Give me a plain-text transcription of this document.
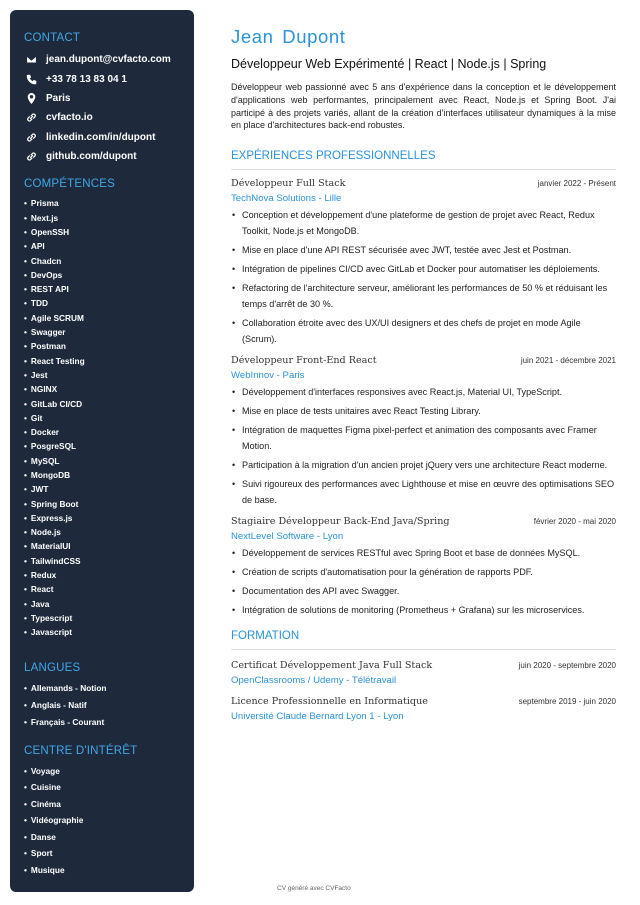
CONTACT
jean.dupont@cvfacto.com
+33 78 13 83 04 1
Paris
cvfacto.io
linkedin.com/in/dupont
github.com/dupont
COMPÉTENCES
• Prisma
• Next.js
• OpenSSH
• API
• Chadcn
• DevOps
• REST API
• TDD
• Agile SCRUM
• Swagger
• Postman
• React Testing
• Jest
• NGINX
• GitLab CI/CD
• Git
• Docker
• PosgreSQL
• MySQL
• MongoDB
• JWT
• Spring Boot
• Express.js
• Node.js
• MaterialUI
• TailwindCSS
• Redux
• React
• Java
• Typescript
• Javascript
LANGUES
• Allemands - Notion
• Anglais - Natif
• Français - Courant
CENTRE D'INTÉRÊT
• Voyage
• Cuisine
• Cinéma
• Vidéographie
• Danse
• Sport
• Musique
Jean Dupont
Développeur Web Expérimenté | React | Node.js | Spring
Développeur web passionné avec 5 ans d'expérience dans la conception et le développement d'applications web performantes, principalement avec React, Node.js et Spring Boot. J'ai participé à des projets variés, allant de la création d'interfaces utilisateur dynamiques à la mise en place d'architectures back-end robustes.
EXPÉRIENCES PROFESSIONNELLES
Développeur Full Stack	janvier 2022 - Présent
TechNova Solutions - Lille
• Conception et développement d'une plateforme de gestion de projet avec React, Redux Toolkit, Node.js et MongoDB.
• Mise en place d'une API REST sécurisée avec JWT, testée avec Jest et Postman.
• Intégration de pipelines CI/CD avec GitLab et Docker pour automatiser les déploiements.
• Refactoring de l'architecture serveur, améliorant les performances de 50 % et réduisant les temps d'arrêt de 30 %.
• Collaboration étroite avec des UX/UI designers et des chefs de projet en mode Agile (Scrum).
Développeur Front-End React	juin 2021 - décembre 2021
WebInnov - Paris
• Développement d'interfaces responsives avec React.js, Material UI, TypeScript.
• Mise en place de tests unitaires avec React Testing Library.
• Intégration de maquettes Figma pixel-perfect et animation des composants avec Framer Motion.
• Participation à la migration d'un ancien projet jQuery vers une architecture React moderne.
• Suivi rigoureux des performances avec Lighthouse et mise en œuvre des optimisations SEO de base.
Stagiaire Développeur Back-End Java/Spring	février 2020 - mai 2020
NextLevel Software - Lyon
• Développement de services RESTful avec Spring Boot et base de données MySQL.
• Création de scripts d'automatisation pour la génération de rapports PDF.
• Documentation des API avec Swagger.
• Intégration de solutions de monitoring (Prometheus + Grafana) sur les microservices.
FORMATION
Certificat Développement Java Full Stack	juin 2020 - septembre 2020
OpenClassrooms / Udemy - Télétravail
Licence Professionnelle en Informatique	septembre 2019 - juin 2020
Université Claude Bernard Lyon 1 - Lyon
CV généré avec CVFacto
